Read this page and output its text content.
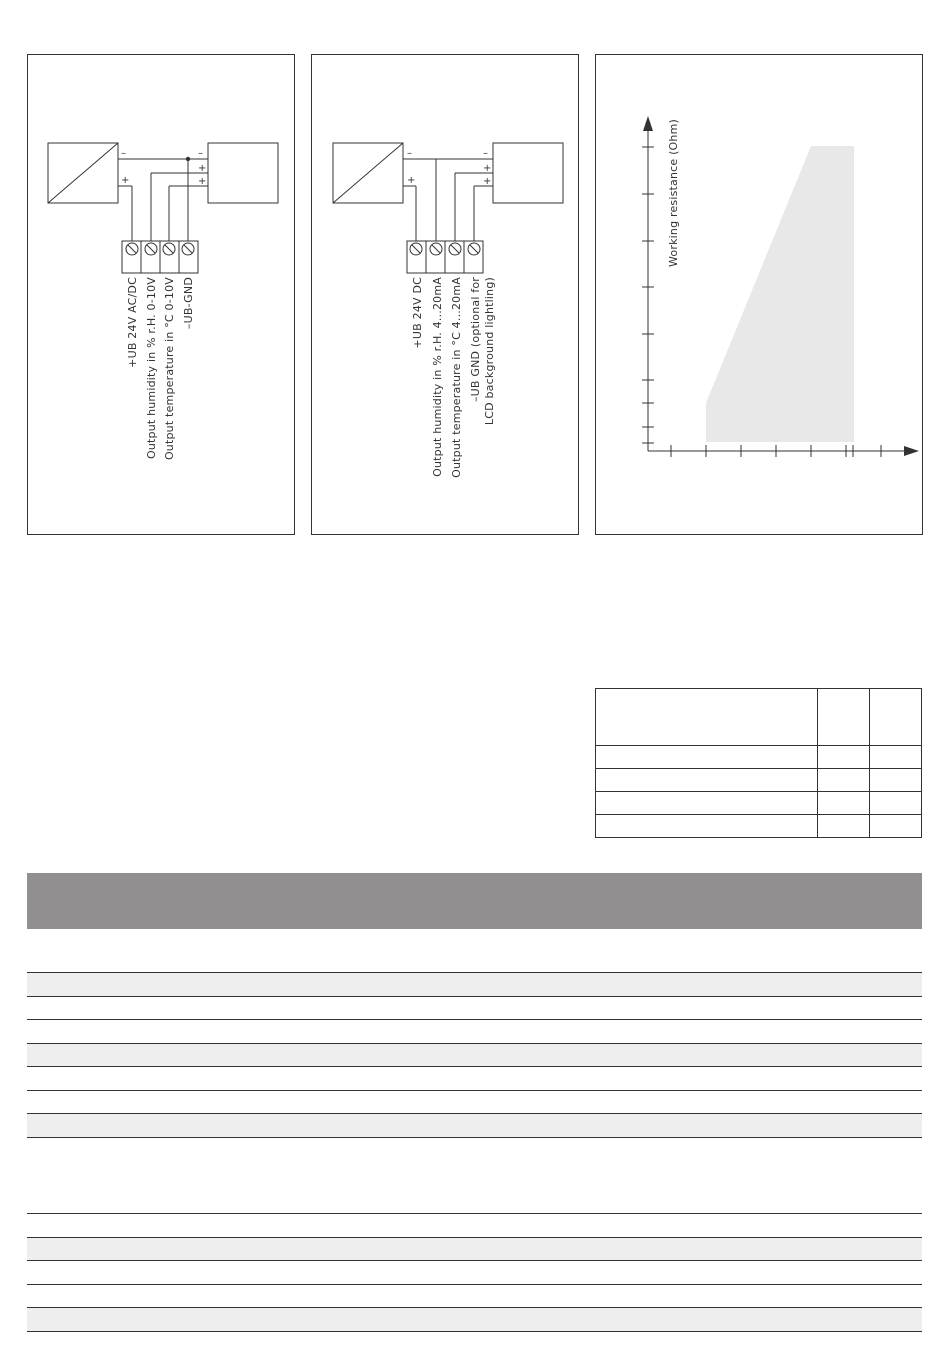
–
+
–
+
+
+UB 24V AC/DC Output humidity in % r.H. 0-10V Output temperature in °C 0-10V –UB-GND
–
+
–
+
+
+UB 24V DC Output humidity in % r.H. 4...20mA Output temperature in °C 4...20mA –UB GND (optional for LCD background lightling)
Working resistance (Ohm)
